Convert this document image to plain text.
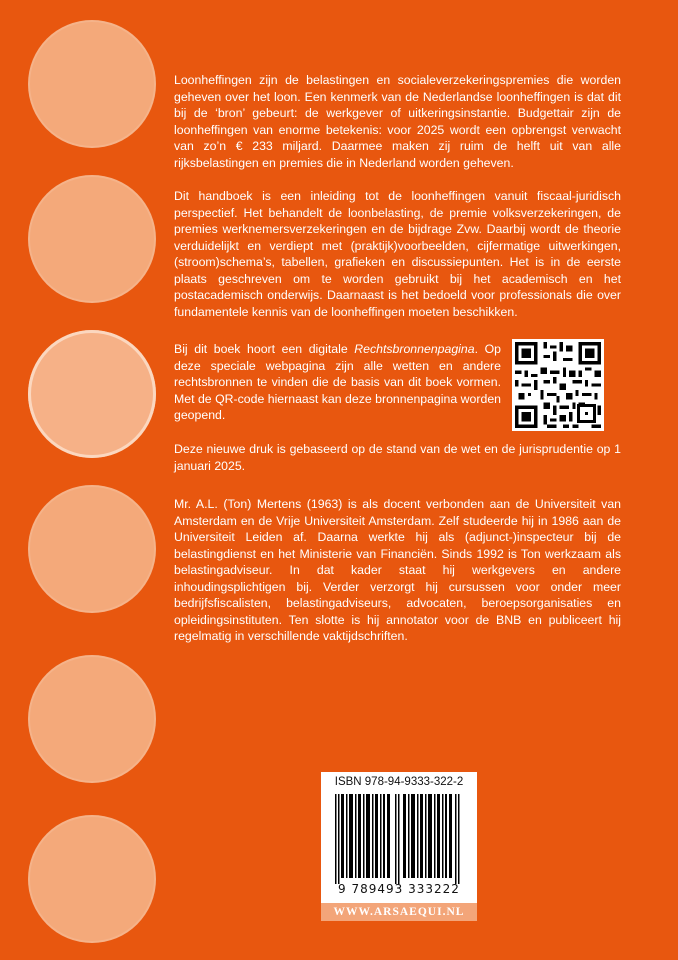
Loonheffingen zijn de belastingen en socialeverzekeringspremies die worden geheven over het loon. Een kenmerk van de Nederlandse loonheffingen is dat dit bij de ‘bron’ gebeurt: de werkgever of uitkeringsinstantie. Budgettair zijn de loonheffingen van enorme betekenis: voor 2025 wordt een opbrengst verwacht van zo’n € 233 miljard. Daarmee maken zij ruim de helft uit van alle rijksbelastingen en premies die in Nederland worden geheven.

Dit handboek is een inleiding tot de loonheffingen vanuit fiscaal-juridisch perspectief. Het behandelt de loonbelasting, de premie volksverzekeringen, de premies werknemersverzekeringen en de bijdrage Zvw. Daarbij wordt de theorie verduidelijkt en verdiept met (praktijk)voorbeelden, cijfermatige uitwerkingen, (stroom)schema’s, tabellen, grafieken en discussiepunten. Het is in de eerste plaats geschreven om te worden gebruikt bij het academisch en het postacademisch onderwijs. Daarnaast is het bedoeld voor professionals die over fundamentele kennis van de loonheffingen moeten beschikken.

Bij dit boek hoort een digitale Rechtsbronnenpagina. Op deze speciale webpagina zijn alle wetten en andere rechtsbronnen te vinden die de basis van dit boek vormen. Met de QR-code hiernaast kan deze bronnenpagina worden geopend.

Deze nieuwe druk is gebaseerd op de stand van de wet en de jurisprudentie op 1 januari 2025.

Mr. A.L. (Ton) Mertens (1963) is als docent verbonden aan de Universiteit van Amsterdam en de Vrije Universiteit Amsterdam. Zelf studeerde hij in 1986 aan de Universiteit Leiden af. Daarna werkte hij als (adjunct-)inspecteur bij de belastingdienst en het Ministerie van Financiën. Sinds 1992 is Ton werkzaam als belastingadviseur. In dat kader staat hij werkgevers en andere inhoudingsplichtigen bij. Verder verzorgt hij cursussen voor onder meer bedrijfsfiscalisten, belastingadviseurs, advocaten, beroepsorganisaties en opleidingsinstituten. Ten slotte is hij annotator voor de BNB en publiceert hij regelmatig in verschillende vaktijdschriften.

ISBN 978-94-9333-322-2
9 789493 333222
WWW.ARSAEQUI.NL
